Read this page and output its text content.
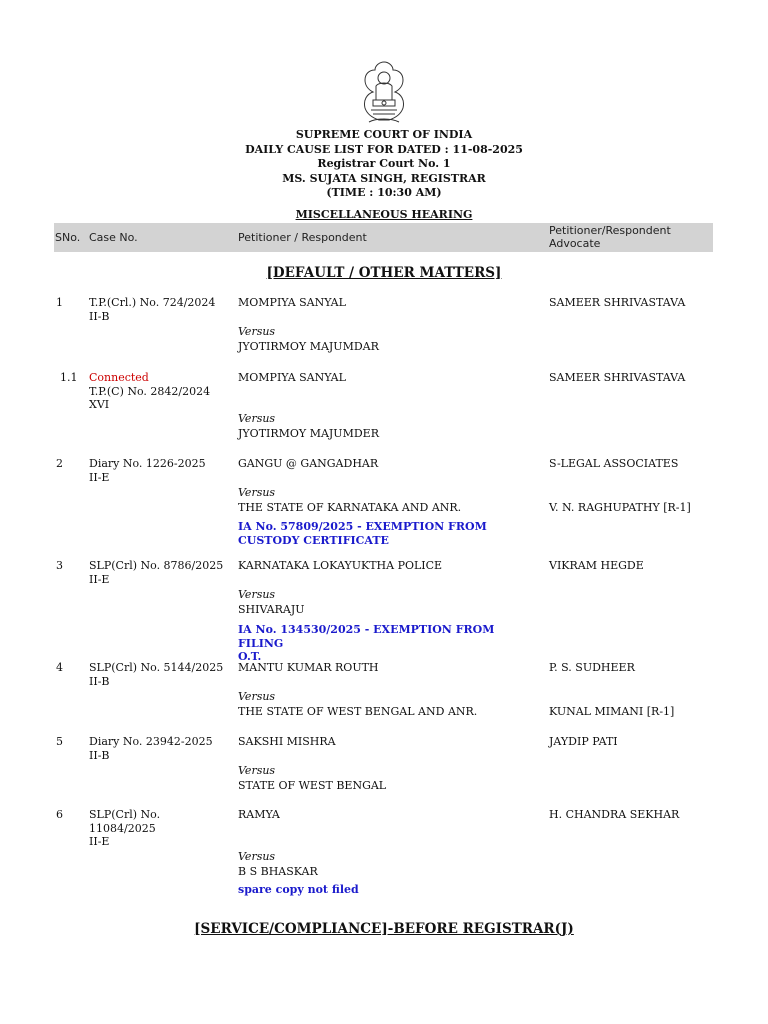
SUPREME COURT OF INDIA
DAILY CAUSE LIST FOR DATED : 11-08-2025
Registrar Court No. 1
MS. SUJATA SINGH, REGISTRAR
(TIME : 10:30 AM)
MISCELLANEOUS HEARING
SNo. Case No.	Petitioner / Respondent
Petitioner/Respondent
Advocate
[DEFAULT / OTHER MATTERS]
1 T.P.(Crl.) No. 724/2024
II-B
MOMPIYA SANYAL
Versus
JYOTIRMOY MAJUMDAR
SAMEER SHRIVASTAVA
1.1 Connected
T.P.(C) No. 2842/2024
XVI
MOMPIYA SANYAL
Versus
JYOTIRMOY MAJUMDER
SAMEER SHRIVASTAVA
2 Diary No. 1226-2025
II-E
GANGU @ GANGADHAR
Versus
THE STATE OF KARNATAKA AND ANR.
IA No. 57809/2025 - EXEMPTION FROM
CUSTODY CERTIFICATE
S-LEGAL ASSOCIATES
V. N. RAGHUPATHY [R-1]
3 SLP(Crl) No. 8786/2025
II-E
KARNATAKA LOKAYUKTHA POLICE
Versus
SHIVARAJU
IA No. 134530/2025 - EXEMPTION FROM FILING
O.T.
VIKRAM HEGDE
4 SLP(Crl) No. 5144/2025
II-B
MANTU KUMAR ROUTH
Versus
THE STATE OF WEST BENGAL AND ANR.
P. S. SUDHEER
KUNAL MIMANI [R-1]
5 Diary No. 23942-2025
II-B
SAKSHI MISHRA
Versus
STATE OF WEST BENGAL
JAYDIP PATI
6 SLP(Crl) No.
11084/2025
II-E
RAMYA
Versus
B S BHASKAR
spare copy not filed
H. CHANDRA SEKHAR
[SERVICE/COMPLIANCE]-BEFORE REGISTRAR(J)
